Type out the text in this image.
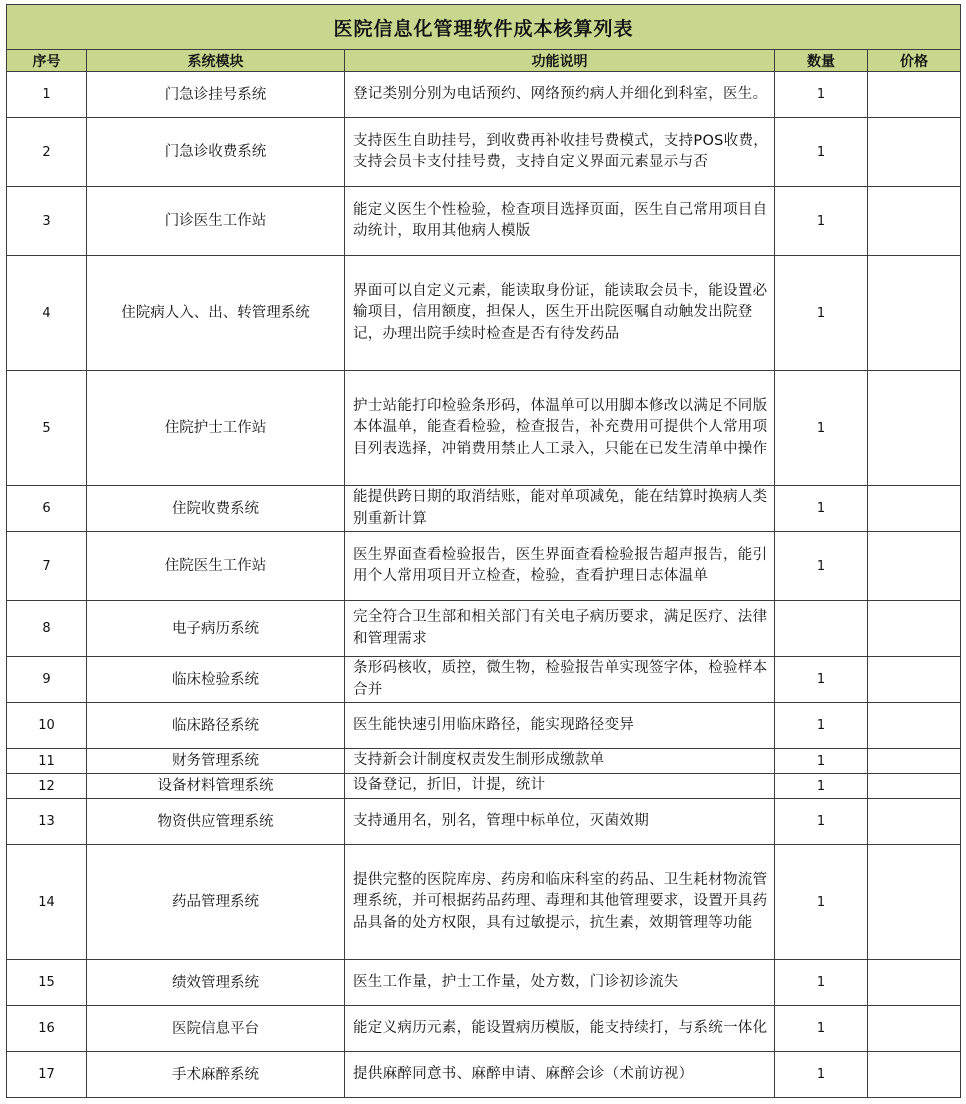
医院信息化管理软件成本核算列表				
序号	系统模块	功能说明	数量	价格
1	门急诊挂号系统	登记类别分别为电话预约、网络预约病人并细化到科室，医生。	1	
2	门急诊收费系统	支持医生自助挂号，到收费再补收挂号费模式，支持POS收费，支持会员卡支付挂号费，支持自定义界面元素显示与否	1	
3	门诊医生工作站	能定义医生个性检验，检查项目选择页面，医生自己常用项目自动统计，取用其他病人模版	1	
4	住院病人入、出、转管理系统	界面可以自定义元素，能读取身份证，能读取会员卡，能设置必输项目，信用额度，担保人，医生开出院医嘱自动触发出院登记，办理出院手续时检查是否有待发药品	1	
5	住院护士工作站	护士站能打印检验条形码，体温单可以用脚本修改以满足不同版本体温单，能查看检验，检查报告，补充费用可提供个人常用项目列表选择，冲销费用禁止人工录入，只能在已发生清单中操作	1	
6	住院收费系统	能提供跨日期的取消结账，能对单项减免，能在结算时换病人类别重新计算	1	
7	住院医生工作站	医生界面查看检验报告，医生界面查看检验报告超声报告，能引用个人常用项目开立检查，检验，查看护理日志体温单	1	
8	电子病历系统	完全符合卫生部和相关部门有关电子病历要求，满足医疗、法律和管理需求		
9	临床检验系统	条形码核收，质控，微生物，检验报告单实现签字体，检验样本合并	1	
10	临床路径系统	医生能快速引用临床路径，能实现路径变异	1	
11	财务管理系统	支持新会计制度权责发生制形成缴款单	1	
12	设备材料管理系统	设备登记，折旧，计提，统计	1	
13	物资供应管理系统	支持通用名，别名，管理中标单位，灭菌效期	1	
14	药品管理系统	提供完整的医院库房、药房和临床科室的药品、卫生耗材物流管理系统，并可根据药品药理、毒理和其他管理要求，设置开具药品具备的处方权限，具有过敏提示，抗生素，效期管理等功能	1	
15	绩效管理系统	医生工作量，护士工作量，处方数，门诊初诊流失	1	
16	医院信息平台	能定义病历元素，能设置病历模版，能支持续打，与系统一体化	1	
17	手术麻醉系统	提供麻醉同意书、麻醉申请、麻醉会诊（术前访视）	1	
